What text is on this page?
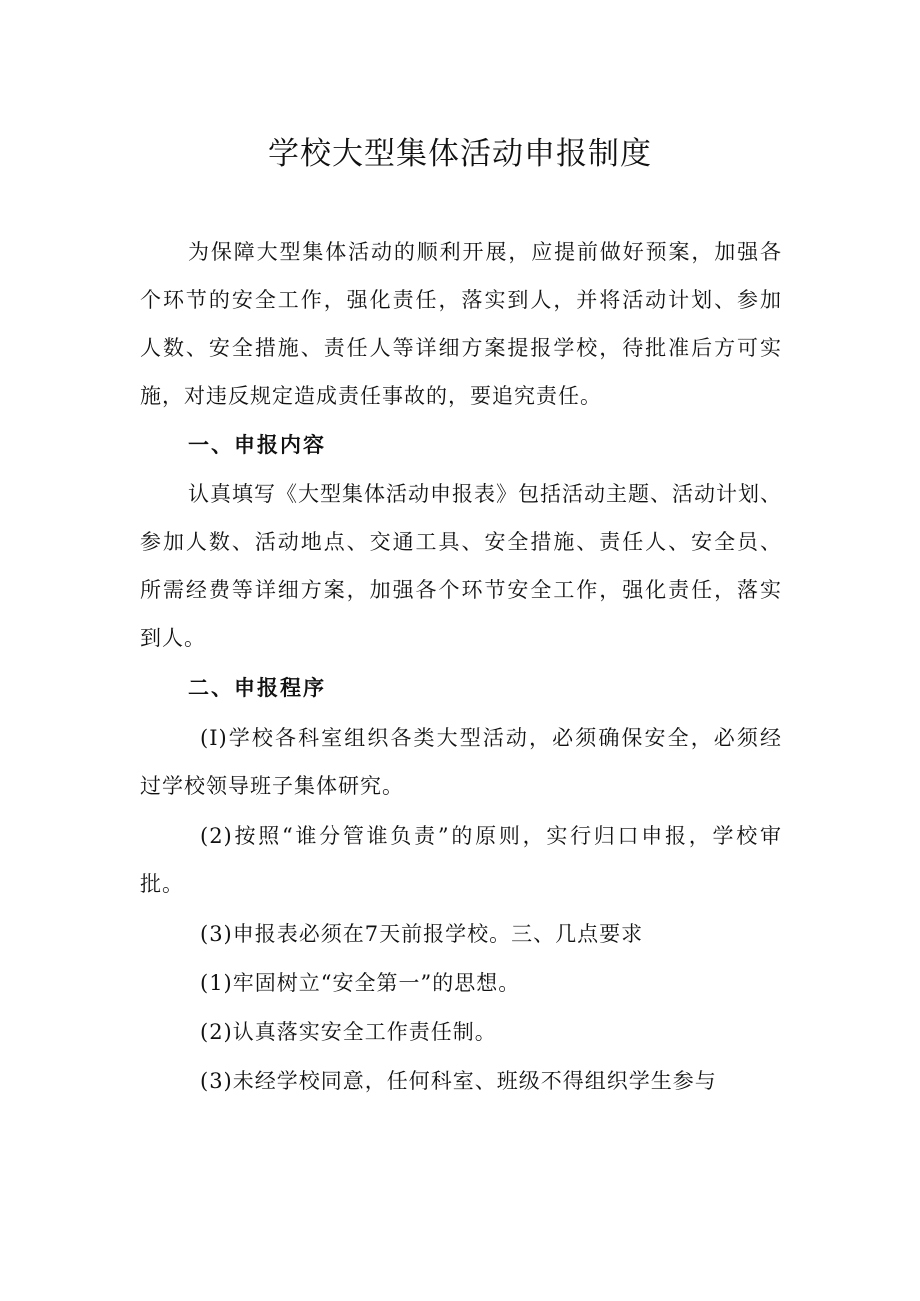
学校大型集体活动申报制度
为保障大型集体活动的顺利开展，应提前做好预案，加强各
个环节的安全工作，强化责任，落实到人，并将活动计划、参加
人数、安全措施、责任人等详细方案提报学校，待批准后方可实
施，对违反规定造成责任事故的，要追究责任。
一、申报内容
认真填写《大型集体活动申报表》包括活动主题、活动计划、
参加人数、活动地点、交通工具、安全措施、责任人、安全员、
所需经费等详细方案，加强各个环节安全工作，强化责任，落实
到人。
二、申报程序
(I)学校各科室组织各类大型活动，必须确保安全，必须经
过学校领导班子集体研究。
(2)按照“谁分管谁负责”的原则，实行归口申报，学校审
批。
(3)申报表必须在7天前报学校。三、几点要求
(1)牢固树立“安全第一”的思想。
(2)认真落实安全工作责任制。
(3)未经学校同意，任何科室、班级不得组织学生参与
